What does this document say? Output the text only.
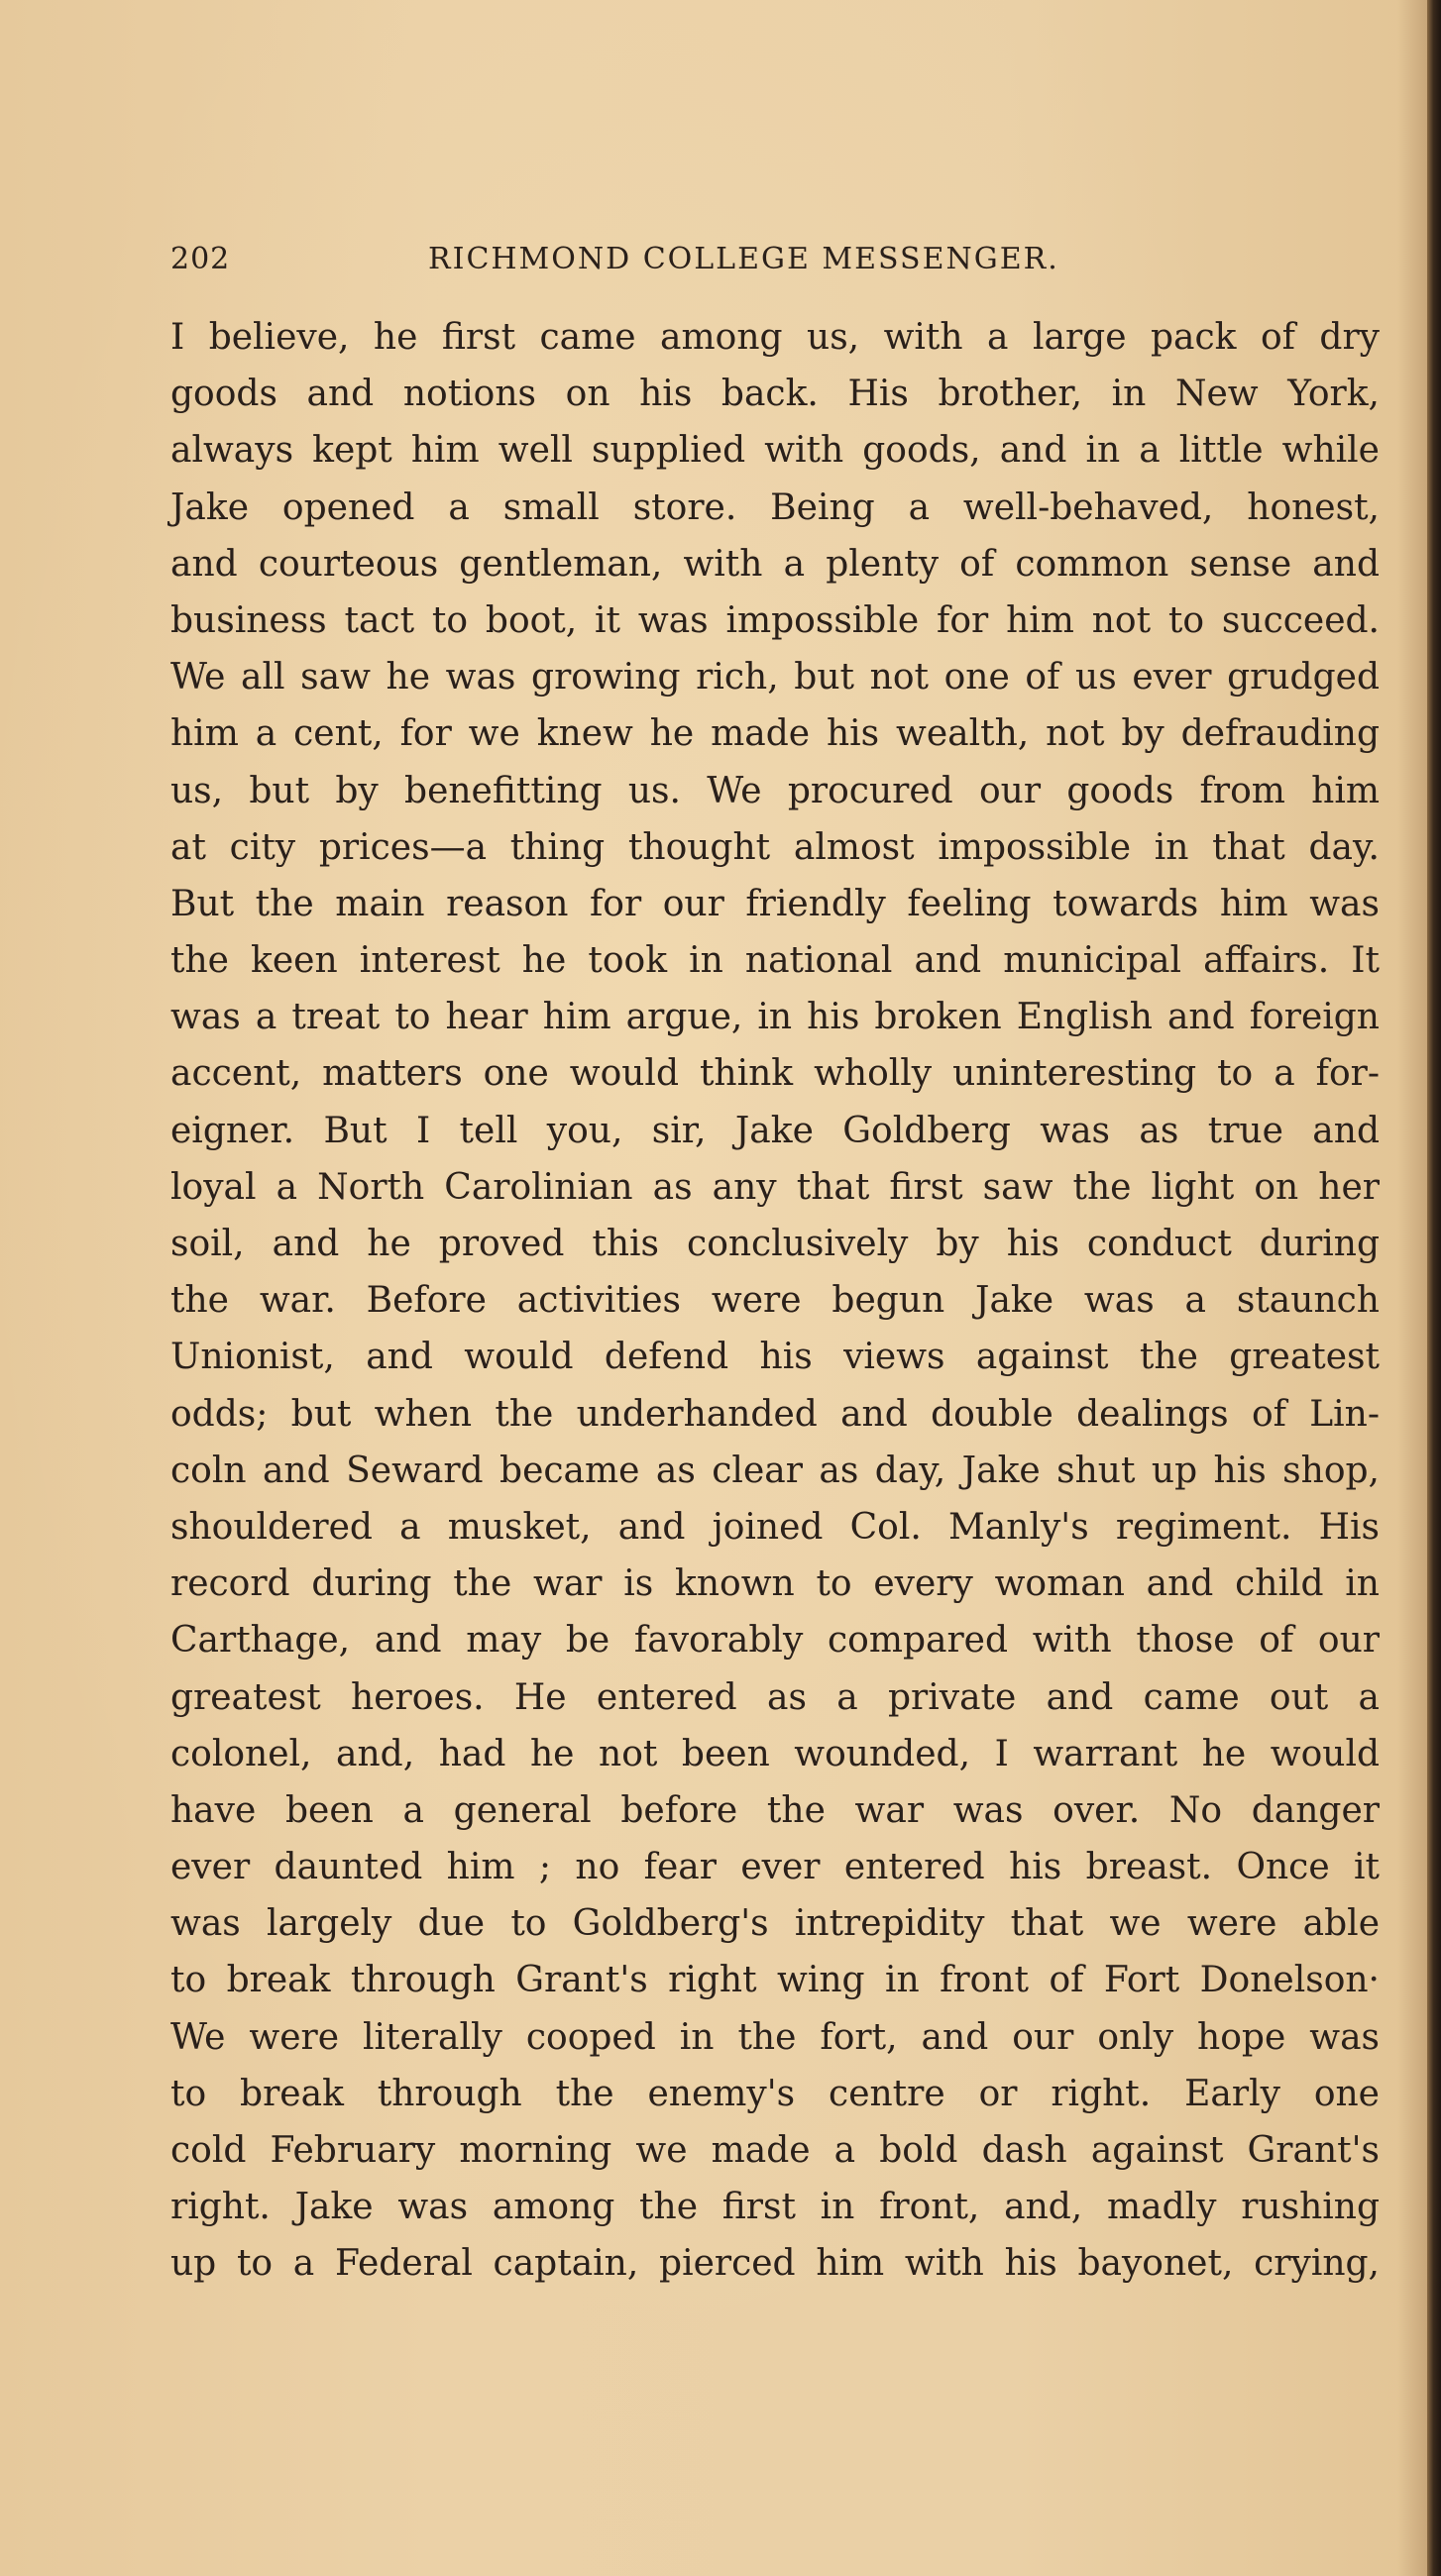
202	RICHMOND COLLEGE MESSENGER.
I believe, he first came among us, with a large pack of dry
goods and notions on his back. His brother, in New York,
always kept him well supplied with goods, and in a little while
Jake opened a small store. Being a well-behaved, honest,
and courteous gentleman, with a plenty of common sense and
business tact to boot, it was impossible for him not to succeed.
We all saw he was growing rich, but not one of us ever grudged
him a cent, for we knew he made his wealth, not by defrauding
us, but by benefitting us. We procured our goods from him
at city prices—a thing thought almost impossible in that day.
But the main reason for our friendly feeling towards him was
the keen interest he took in national and municipal affairs. It
was a treat to hear him argue, in his broken English and foreign
accent, matters one would think wholly uninteresting to a for-
eigner. But I tell you, sir, Jake Goldberg was as true and
loyal a North Carolinian as any that first saw the light on her
soil, and he proved this conclusively by his conduct during
the war. Before activities were begun Jake was a staunch
Unionist, and would defend his views against the greatest
odds; but when the underhanded and double dealings of Lin-
coln and Seward became as clear as day, Jake shut up his shop,
shouldered a musket, and joined Col. Manly's regiment. His
record during the war is known to every woman and child in
Carthage, and may be favorably compared with those of our
greatest heroes. He entered as a private and came out a
colonel, and, had he not been wounded, I warrant he would
have been a general before the war was over. No danger
ever daunted him ; no fear ever entered his breast. Once it
was largely due to Goldberg's intrepidity that we were able
to break through Grant's right wing in front of Fort Donelson·
We were literally cooped in the fort, and our only hope was
to break through the enemy's centre or right. Early one
cold February morning we made a bold dash against Grant's
right. Jake was among the first in front, and, madly rushing
up to a Federal captain, pierced him with his bayonet, crying,
